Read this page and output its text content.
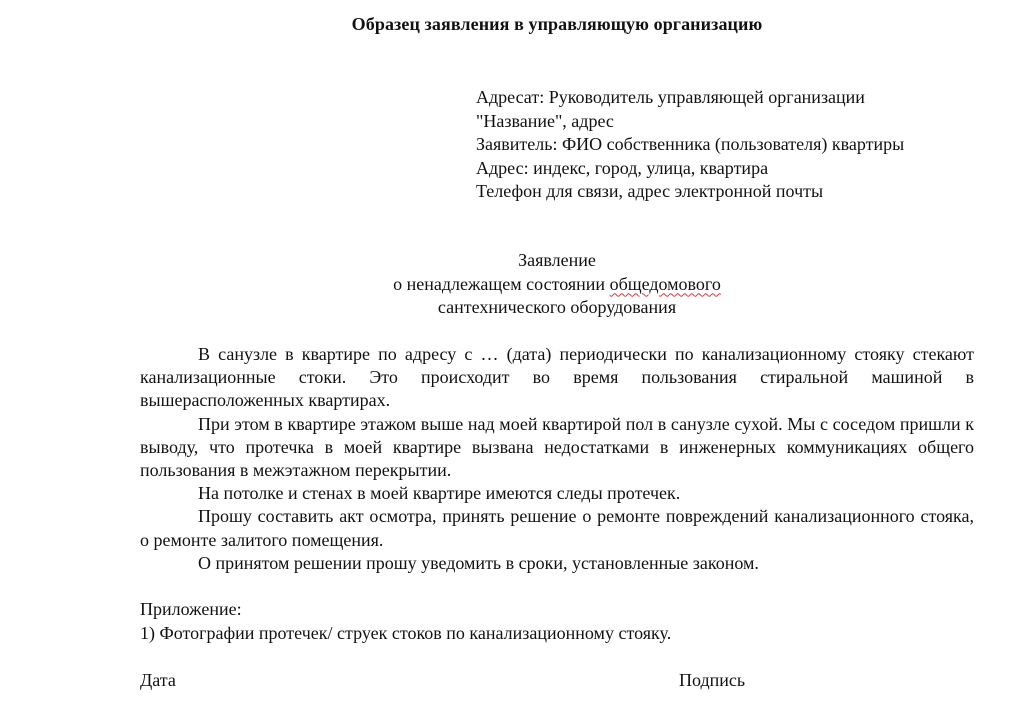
Образец заявления в управляющую организацию
Адресат: Руководитель управляющей организации
"Название", адрес
Заявитель: ФИО собственника (пользователя) квартиры
Адрес: индекс, город, улица, квартира
Телефон для связи, адрес электронной почты
Заявление
о ненадлежащем состоянии общедомового
сантехнического оборудования

В санузле в квартире по адресу с … (дата) периодически по канализационному стояку стекают канализационные стоки. Это происходит во время пользования стиральной машиной в вышерасположенных квартирах.

При этом в квартире этажом выше над моей квартирой пол в санузле сухой. Мы с соседом пришли к выводу, что протечка в моей квартире вызвана недостатками в инженерных коммуникациях общего пользования в межэтажном перекрытии.

На потолке и стенах в моей квартире имеются следы протечек.

Прошу составить акт осмотра, принять решение о ремонте повреждений канализационного стояка, о ремонте залитого помещения.

О принятом решении прошу уведомить в сроки, установленные законом.

Приложение:
1) Фотографии протечек/ струек стоков по канализационному стояку.
Дата	Подпись
